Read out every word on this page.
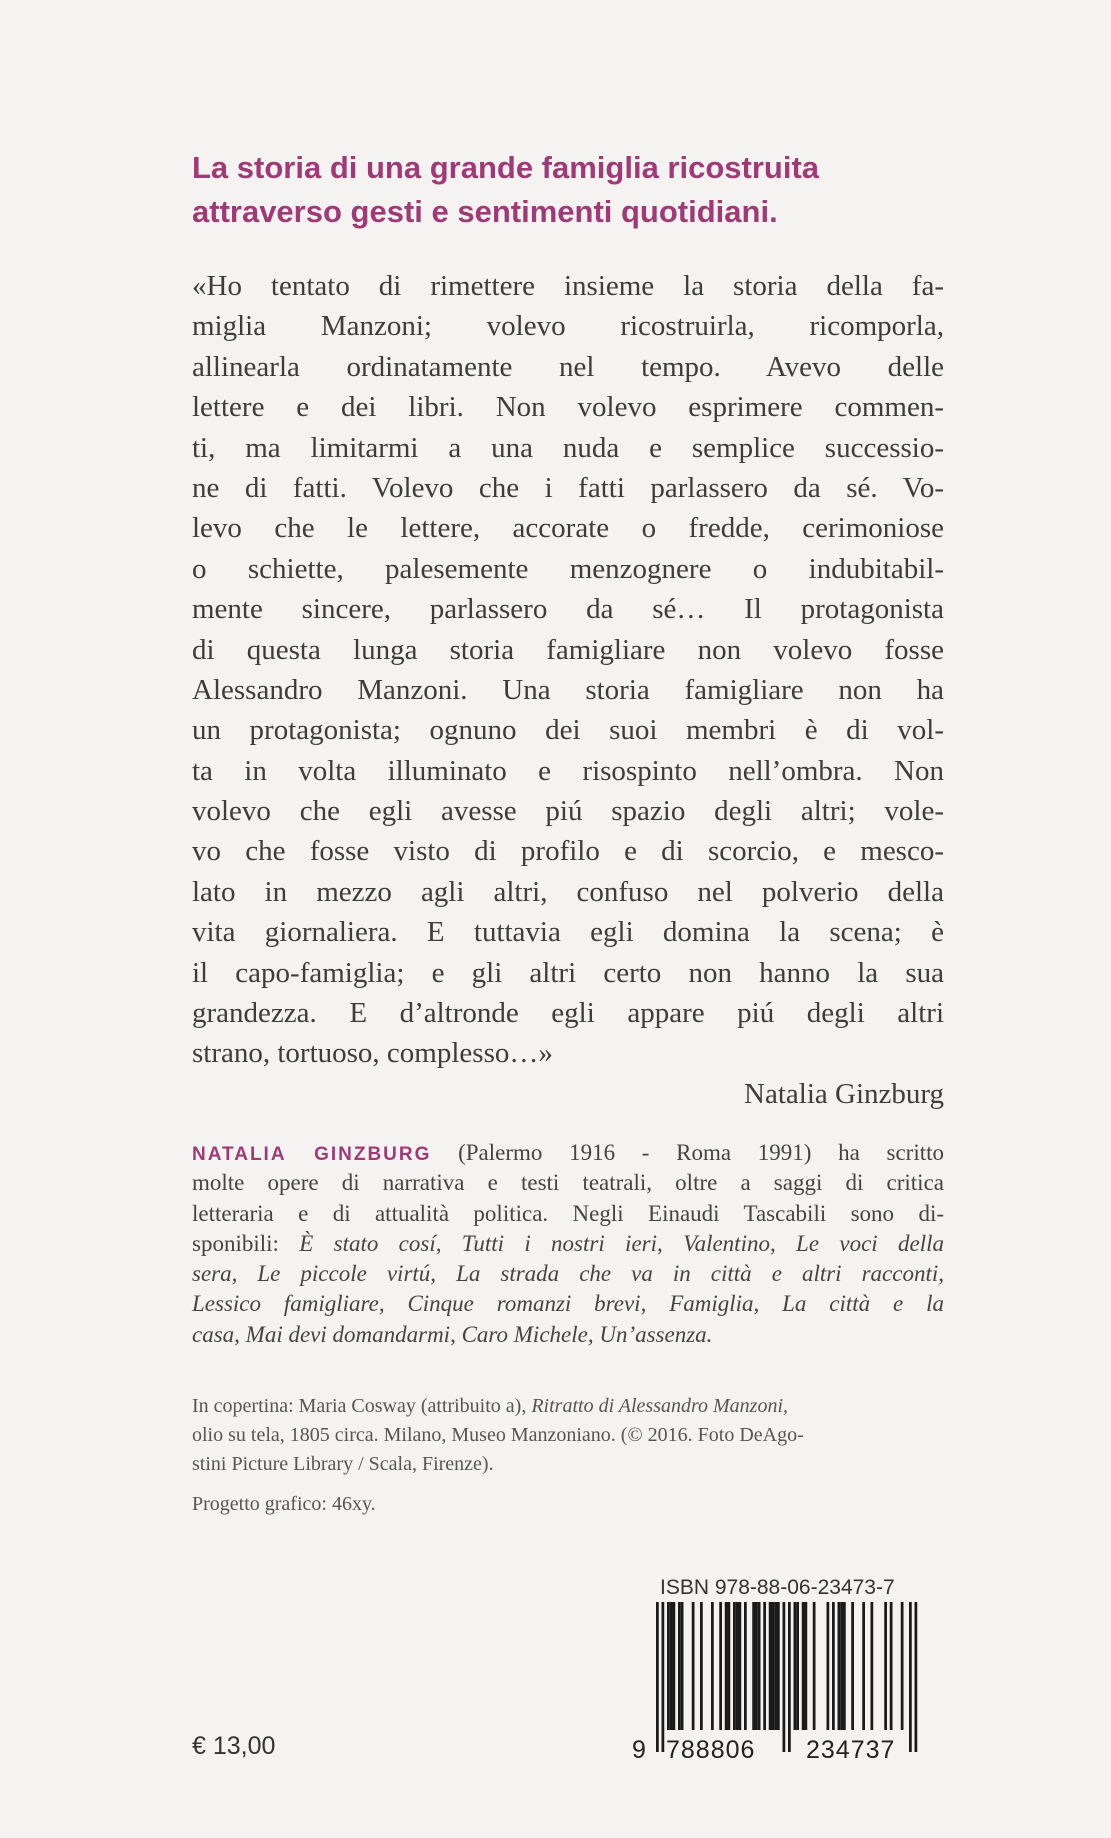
La storia di una grande famiglia ricostruita
attraverso gesti e sentimenti quotidiani.
«Ho tentato di rimettere insieme la storia della fa-
miglia Manzoni; volevo ricostruirla, ricomporla,
allinearla ordinatamente nel tempo. Avevo delle
lettere e dei libri. Non volevo esprimere commen-
ti, ma limitarmi a una nuda e semplice successio-
ne di fatti. Volevo che i fatti parlassero da sé. Vo-
levo che le lettere, accorate o fredde, cerimoniose
o schiette, palesemente menzognere o indubitabil-
mente sincere, parlassero da sé… Il protagonista
di questa lunga storia famigliare non volevo fosse
Alessandro Manzoni. Una storia famigliare non ha
un protagonista; ognuno dei suoi membri è di vol-
ta in volta illuminato e risospinto nell’ombra. Non
volevo che egli avesse piú spazio degli altri; vole-
vo che fosse visto di profilo e di scorcio, e mesco-
lato in mezzo agli altri, confuso nel polverio della
vita giornaliera. E tuttavia egli domina la scena; è
il capo-famiglia; e gli altri certo non hanno la sua
grandezza. E d’altronde egli appare piú degli altri
strano, tortuoso, complesso…»
Natalia Ginzburg
NATALIA GINZBURG (Palermo 1916 - Roma 1991) ha scritto
molte opere di narrativa e testi teatrali, oltre a saggi di critica
letteraria e di attualità politica. Negli Einaudi Tascabili sono di-
sponibili: È stato cosí, Tutti i nostri ieri, Valentino, Le voci della
sera, Le piccole virtú, La strada che va in città e altri racconti,
Lessico famigliare, Cinque romanzi brevi, Famiglia, La città e la
casa, Mai devi domandarmi, Caro Michele, Un’assenza.
In copertina: Maria Cosway (attribuito a), Ritratto di Alessandro Manzoni,
olio su tela, 1805 circa. Milano, Museo Manzoniano. (© 2016. Foto DeAgo-
stini Picture Library / Scala, Firenze).
Progetto grafico: 46xy.
ISBN 978-88-06-23473-7
9 788806 234737
€ 13,00
